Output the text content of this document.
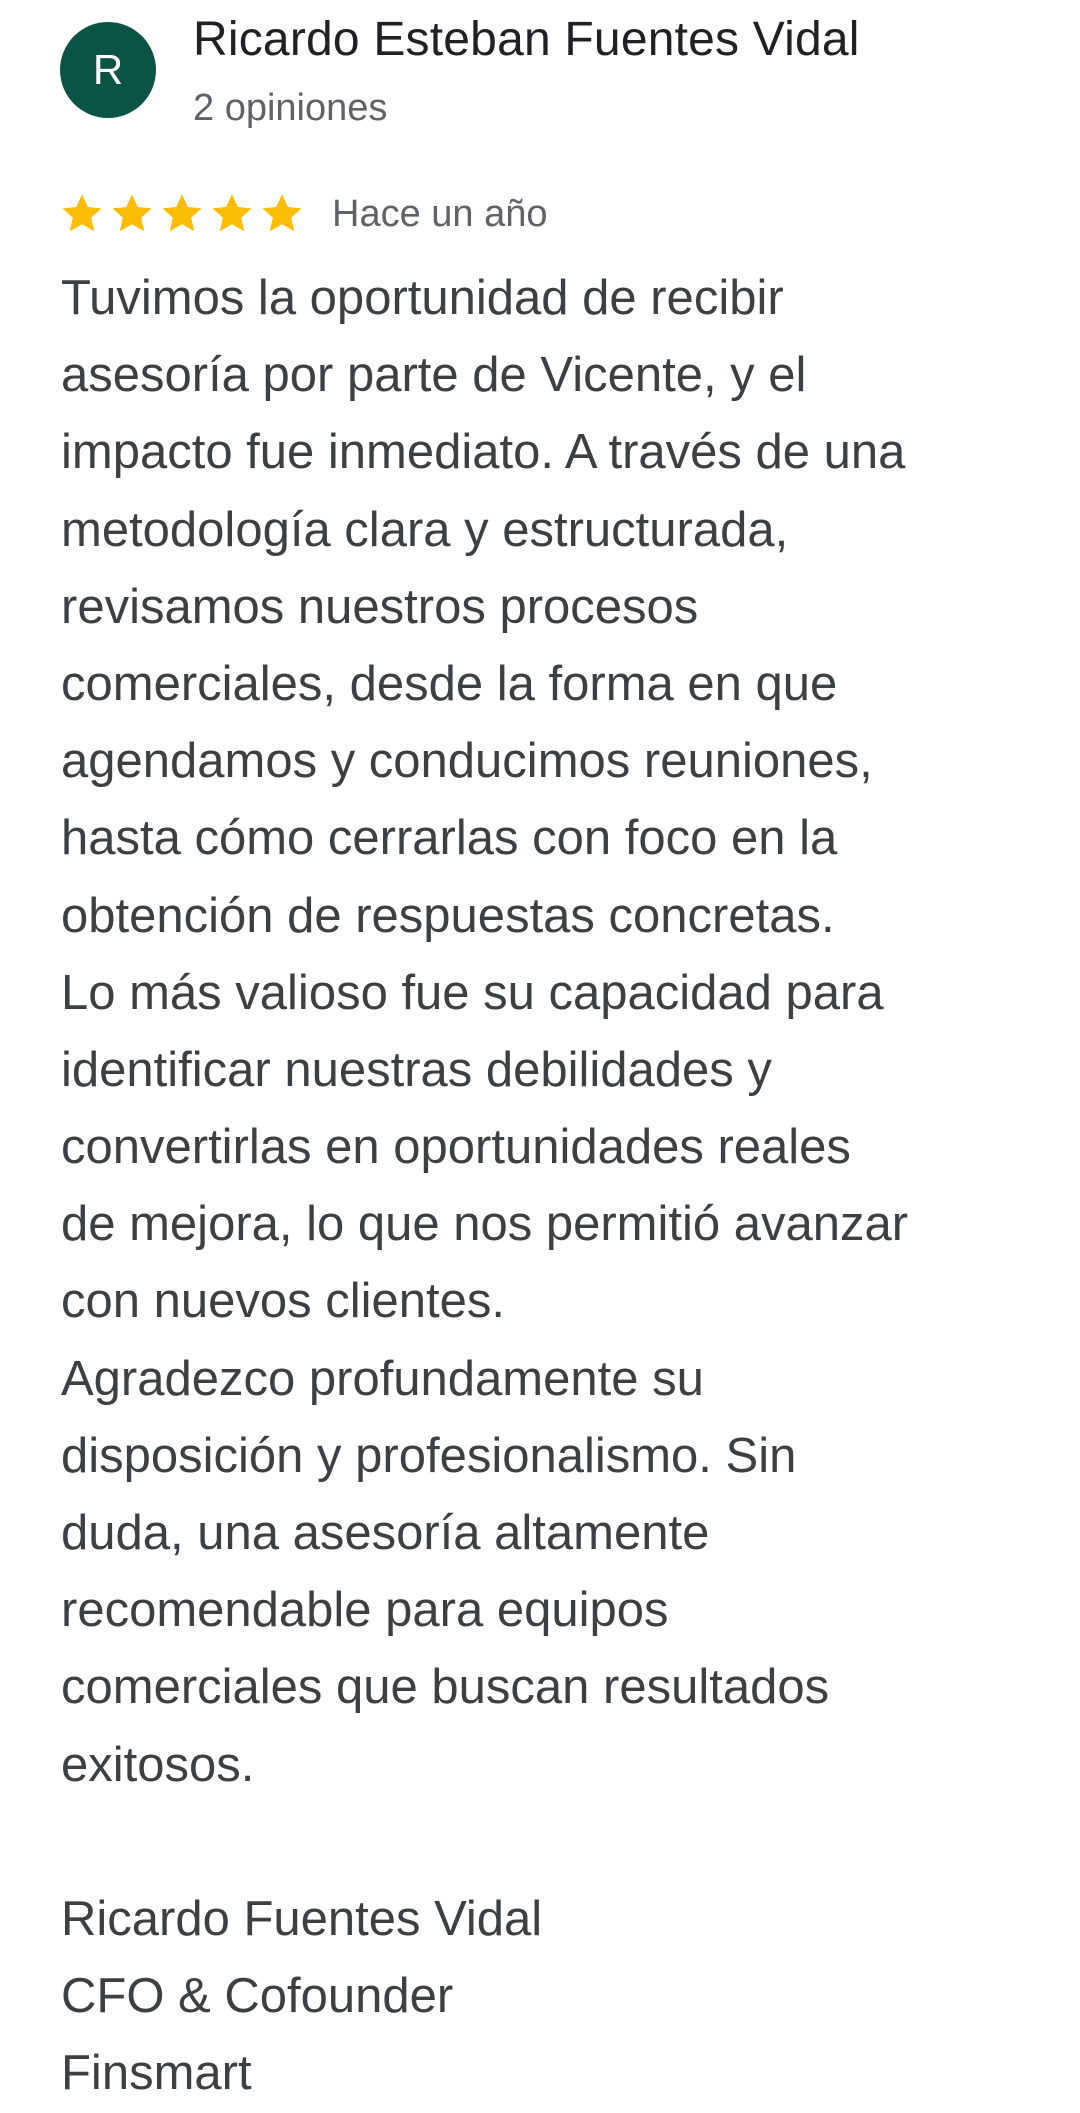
R
Ricardo Esteban Fuentes Vidal
2 opiniones
Hace un año
Tuvimos la oportunidad de recibir
asesoría por parte de Vicente, y el
impacto fue inmediato. A través de una
metodología clara y estructurada,
revisamos nuestros procesos
comerciales, desde la forma en que
agendamos y conducimos reuniones,
hasta cómo cerrarlas con foco en la
obtención de respuestas concretas.
Lo más valioso fue su capacidad para
identificar nuestras debilidades y
convertirlas en oportunidades reales
de mejora, lo que nos permitió avanzar
con nuevos clientes.
Agradezco profundamente su
disposición y profesionalismo. Sin
duda, una asesoría altamente
recomendable para equipos
comerciales que buscan resultados
exitosos.
Ricardo Fuentes Vidal
CFO & Cofounder
Finsmart
